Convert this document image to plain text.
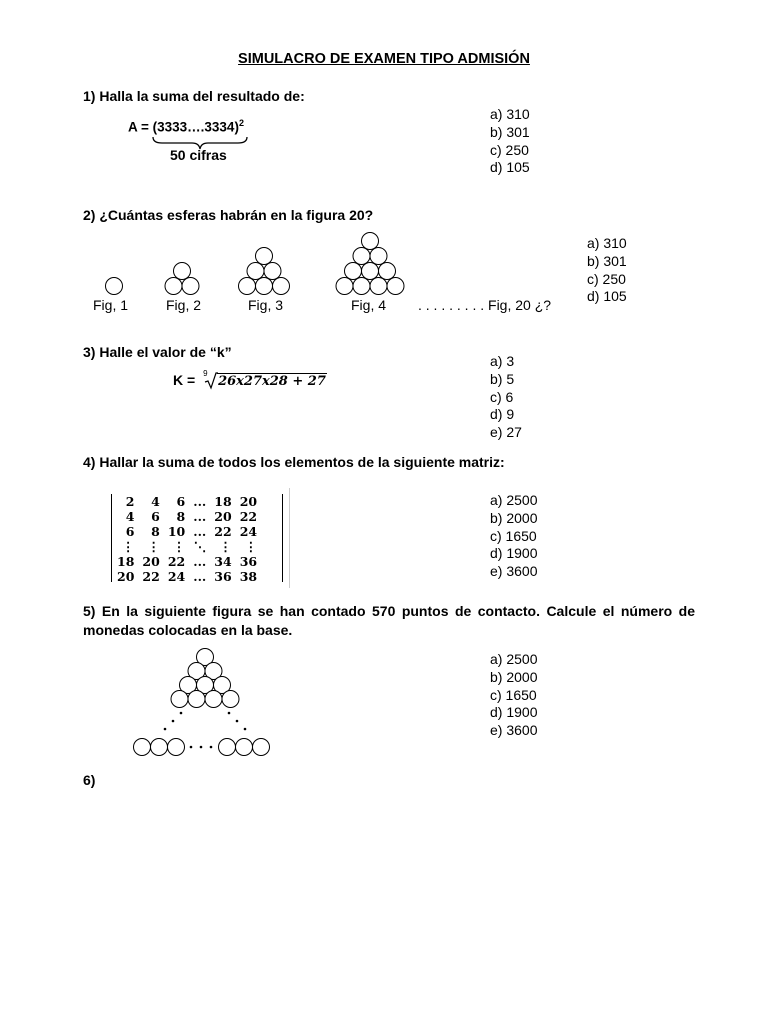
SIMULACRO DE EXAMEN TIPO ADMISIÓN
1) Halla la suma del resultado de:
A = (3333….3334)$^2$
50 cifras
a) 310
b) 301
c) 250
d) 105
2) ¿Cuántas esferas habrán en la figura 20?
Fig, 1	Fig, 2	Fig, 3	Fig, 4 . . . . . . . . . Fig, 20 ¿?
a) 310
b) 301
c) 250
d) 105
3) Halle el valor de “k”
K = 9
26x27x28 + 27
a) 3
b) 5
c) 6
d) 9
e) 27
4) Hallar la suma de todos los elementos de la siguiente matriz:
2	4	6	...	18	20
4	6	8	...	20	22
6	8	10	...	22	24
⋮	⋮	⋮	⋱	⋮	⋮
18	20	22	...	34	36
20	22	24	...	36	38
a) 2500
b) 2000
c) 1650
d) 1900
e) 3600
5) En la siguiente figura se han contado 570 puntos de contacto. Calcule el número de monedas colocadas en la base.
a) 2500
b) 2000
c) 1650
d) 1900
e) 3600
6)
